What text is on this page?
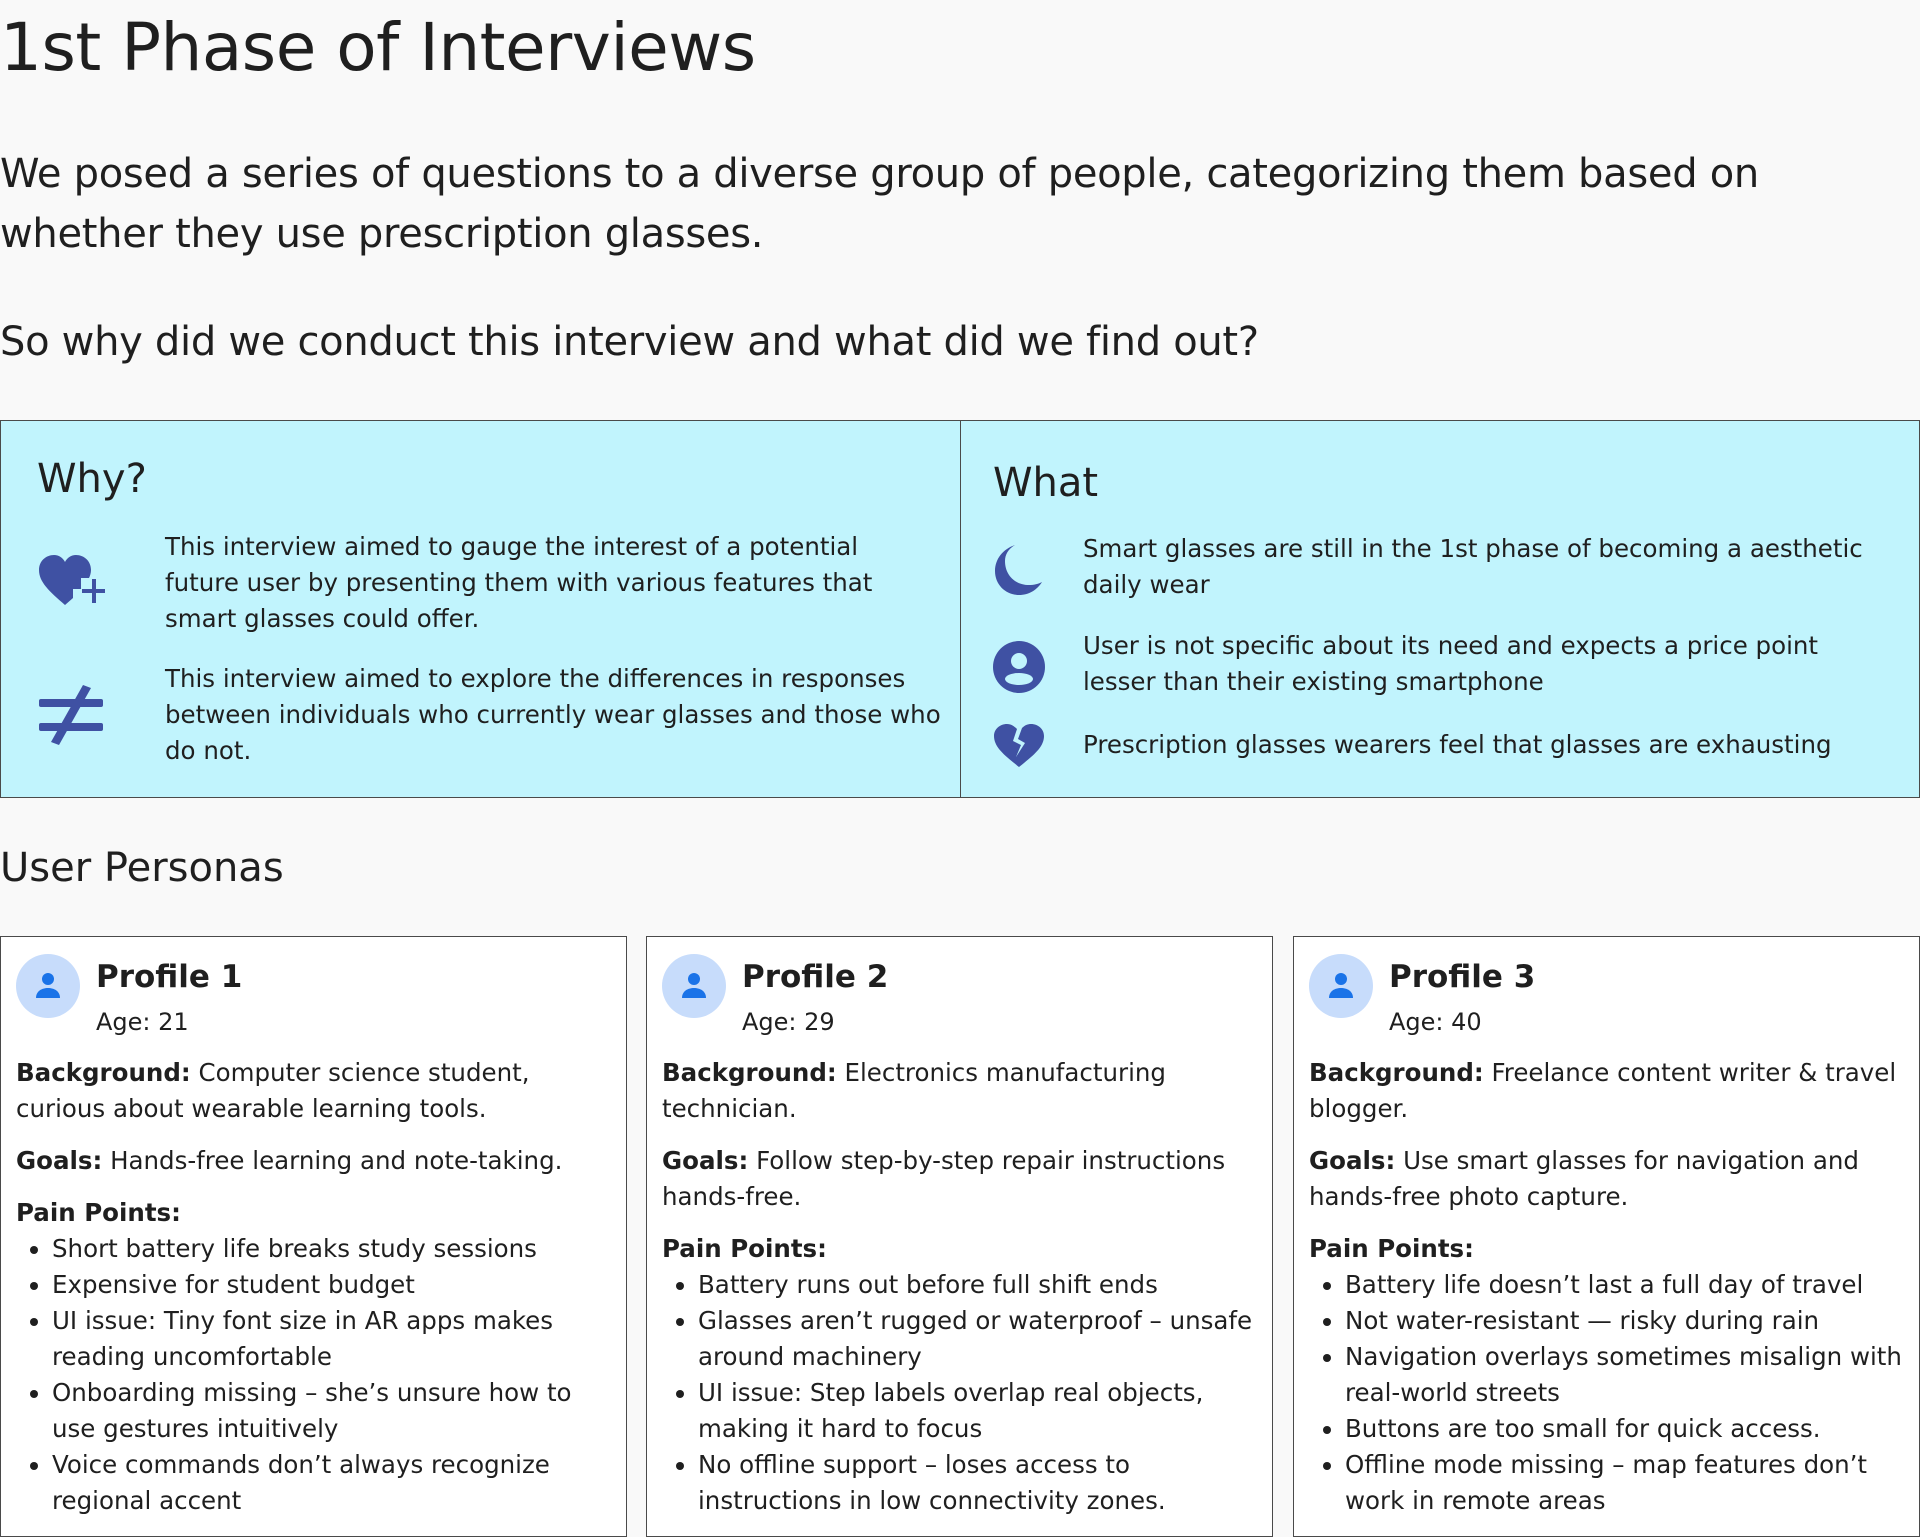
1st Phase of Interviews

We posed a series of questions to a diverse group of people, categorizing them based on whether they use prescription glasses.

So why did we conduct this interview and what did we find out?

Why?

This interview aimed to gauge the interest of a potential future user by presenting them with various features that smart glasses could offer.

This interview aimed to explore the differences in responses between individuals who currently wear glasses and those who do not.

What

Smart glasses are still in the 1st phase of becoming a aesthetic daily wear

User is not specific about its need and expects a price point lesser than their existing smartphone

Prescription glasses wearers feel that glasses are exhausting

User Personas
Profile 1
Age: 21

Background: Computer science student, curious about wearable learning tools.

Goals: Hands-free learning and note-taking.

Pain Points:

• Short battery life breaks study sessions
• Expensive for student budget
• UI issue: Tiny font size in AR apps makes reading uncomfortable
• Onboarding missing – she’s unsure how to use gestures intuitively
• Voice commands don’t always recognize regional accent
Profile 2
Age: 29

Background: Electronics manufacturing technician.

Goals: Follow step-by-step repair instructions hands-free.

Pain Points:

• Battery runs out before full shift ends
• Glasses aren’t rugged or waterproof – unsafe around machinery
• UI issue: Step labels overlap real objects, making it hard to focus
• No offline support – loses access to instructions in low connectivity zones.
Profile 3
Age: 40

Background: Freelance content writer & travel blogger.

Goals: Use smart glasses for navigation and hands-free photo capture.

Pain Points:

• Battery life doesn’t last a full day of travel
• Not water-resistant — risky during rain
• Navigation overlays sometimes misalign with real-world streets
• Buttons are too small for quick access.
• Offline mode missing – map features don’t work in remote areas
